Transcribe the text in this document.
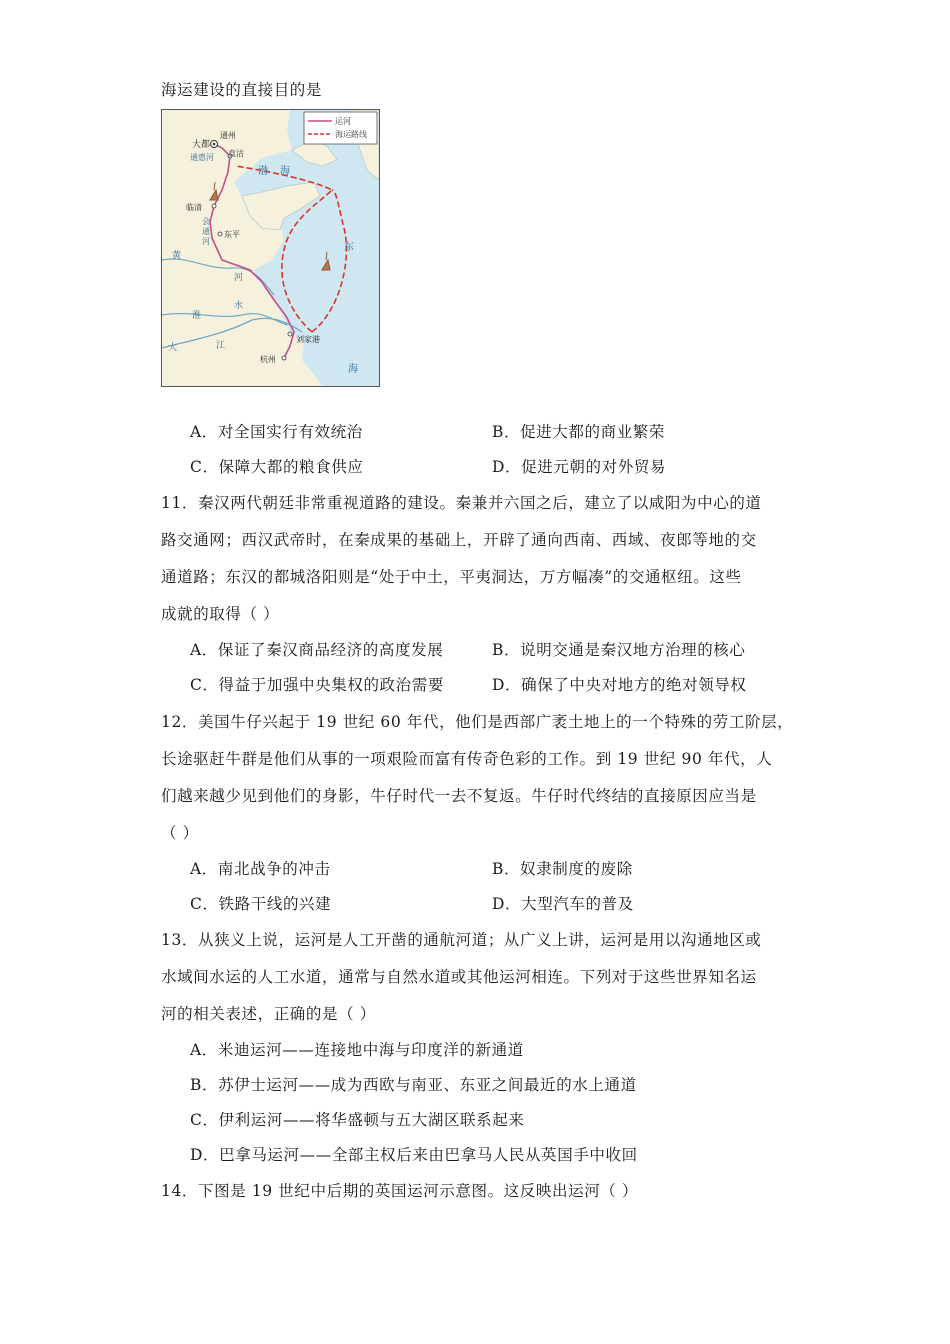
海运建设的直接目的是
运河
海运路线
大都
通州
通惠河 直沽
渤 海
临清
会
通
河
东平
东
黄
河
淮
水
大	江
刘家港
杭州
海
A．对全国实行有效统治	B．促进大都的商业繁荣
C．保障大都的粮食供应	D．促进元朝的对外贸易
11．秦汉两代朝廷非常重视道路的建设。秦兼并六国之后，建立了以咸阳为中心的道
路交通网；西汉武帝时，在秦成果的基础上，开辟了通向西南、西域、夜郎等地的交
通道路；东汉的都城洛阳则是“处于中土，平夷洞达，万方幅凑”的交通枢纽。这些
成就的取得（ ）
A．保证了秦汉商品经济的高度发展	B．说明交通是秦汉地方治理的核心
C．得益于加强中央集权的政治需要	D．确保了中央对地方的绝对领导权
12．美国牛仔兴起于 19 世纪 60 年代，他们是西部广袤土地上的一个特殊的劳工阶层，
长途驱赶牛群是他们从事的一项艰险而富有传奇色彩的工作。到 19 世纪 90 年代，人
们越来越少见到他们的身影，牛仔时代一去不复返。牛仔时代终结的直接原因应当是
（ ）
A．南北战争的冲击	B．奴隶制度的废除
C．铁路干线的兴建	D．大型汽车的普及
13．从狭义上说，运河是人工开凿的通航河道；从广义上讲，运河是用以沟通地区或
水域间水运的人工水道，通常与自然水道或其他运河相连。下列对于这些世界知名运
河的相关表述，正确的是（ ）
A．米迪运河——连接地中海与印度洋的新通道
B．苏伊士运河——成为西欧与南亚、东亚之间最近的水上通道
C．伊利运河——将华盛顿与五大湖区联系起来
D．巴拿马运河——全部主权后来由巴拿马人民从英国手中收回
14．下图是 19 世纪中后期的英国运河示意图。这反映出运河（ ）
